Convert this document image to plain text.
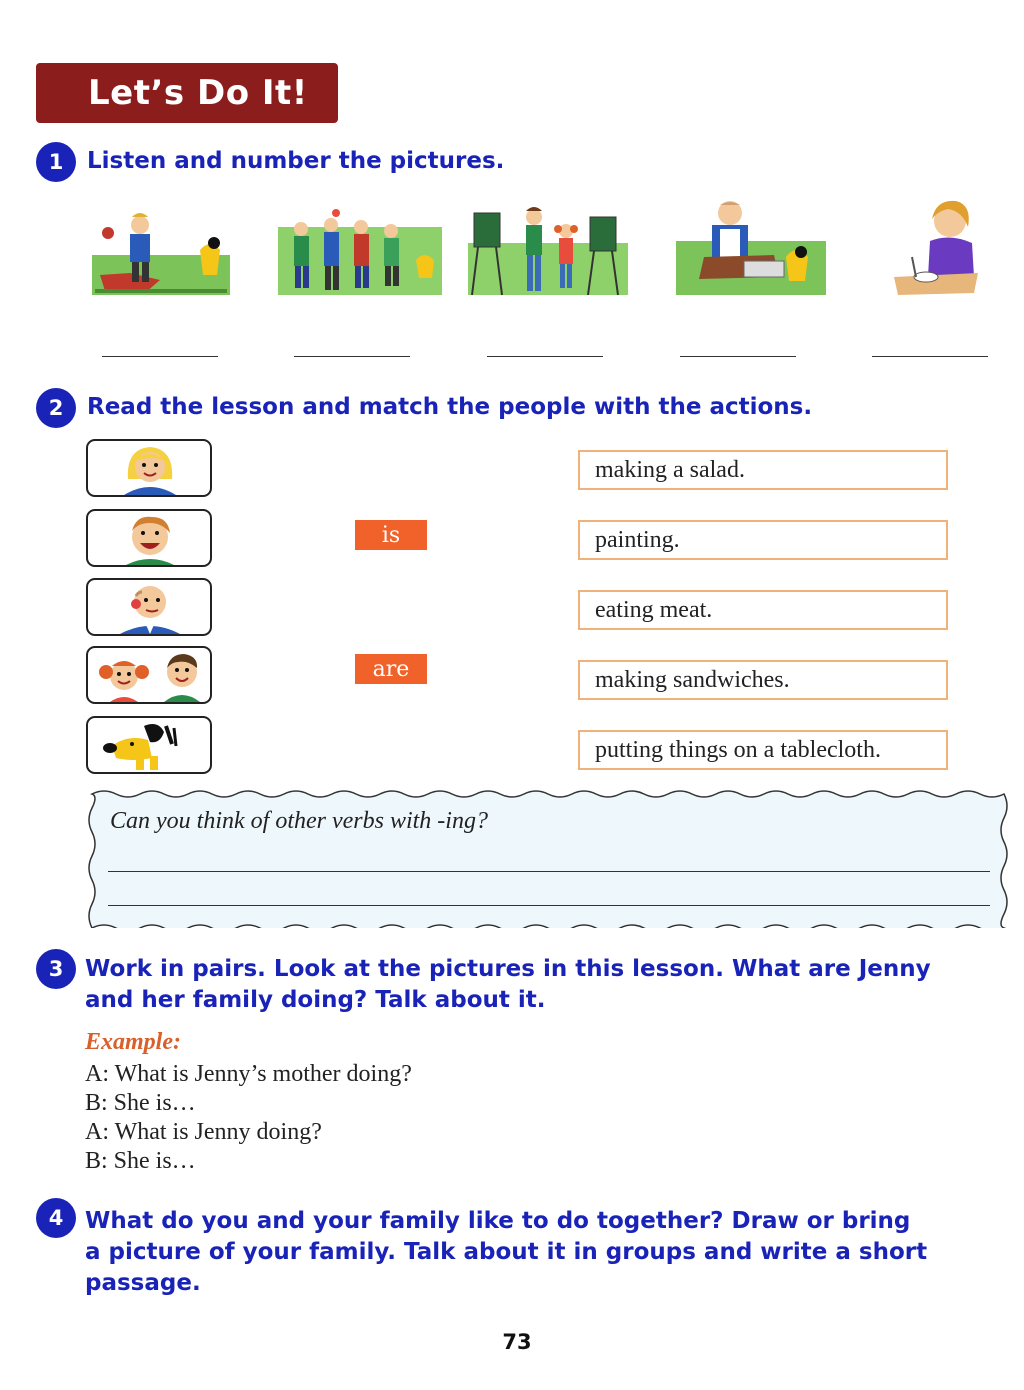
Let’s Do It!
1	Listen and number the pictures.

2	Read the lesson and match the people with the actions.

is
are
making a salad.
painting.
eating meat.
making sandwiches.
putting things on a tablecloth.

Can you think of other verbs with -ing?

3 Work in pairs. Look at the pictures in this lesson. What are Jenny

and her family doing? Talk about it.

Example:

A: What is Jenny’s mother doing?

B: She is…

A: What is Jenny doing?

B: She is…

4 What do you and your family like to do together? Draw or bring

a picture of your family. Talk about it in groups and write a short

passage.

73
